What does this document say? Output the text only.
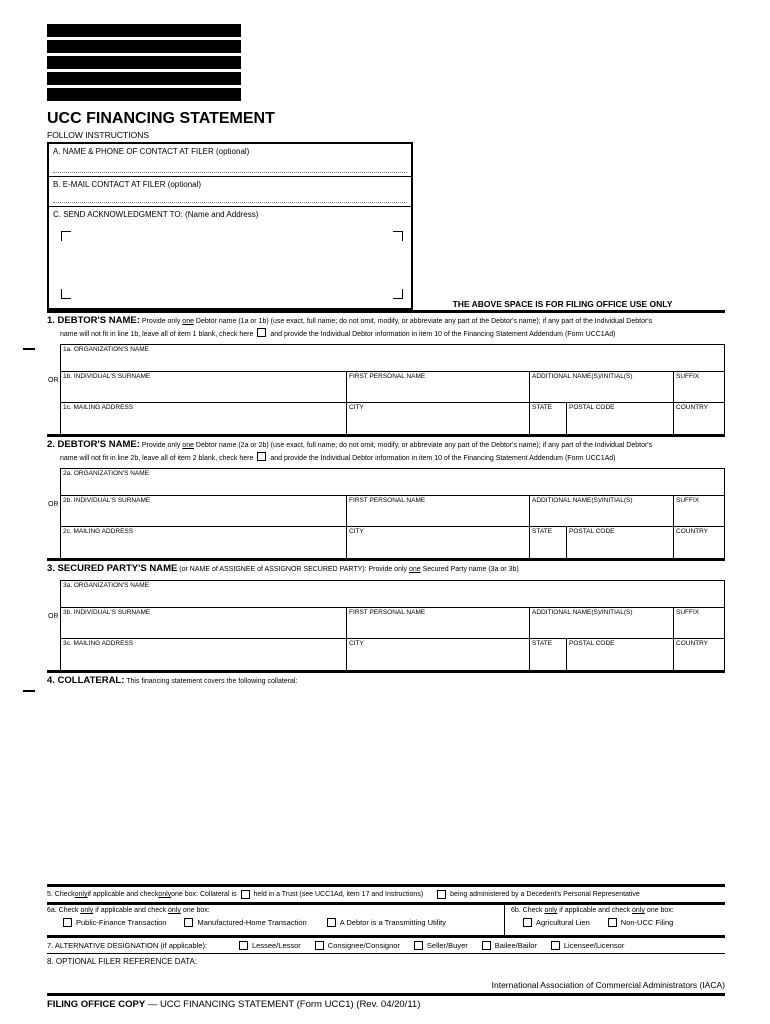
UCC FINANCING STATEMENT
FOLLOW INSTRUCTIONS
A. NAME & PHONE OF CONTACT AT FILER (optional)
B. E-MAIL CONTACT AT FILER (optional)
C. SEND ACKNOWLEDGMENT TO: (Name and Address)
THE ABOVE SPACE IS FOR FILING OFFICE USE ONLY
1. DEBTOR'S NAME: Provide only one Debtor name (1a or 1b) (use exact, full name; do not omit, modify, or abbreviate any part of the Debtor's name); if any part of the Individual Debtor's
name will not fit in line 1b, leave all of item 1 blank, check here and provide the Individual Debtor information in item 10 of the Financing Statement Addendum (Form UCC1Ad)
OR
1a. ORGANIZATION'S NAME
1b. INDIVIDUAL'S SURNAME	FIRST PERSONAL NAME	ADDITIONAL NAME(S)/INITIAL(S)	SUFFIX
1c. MAILING ADDRESS	CITY	STATE	POSTAL CODE	COUNTRY
2. DEBTOR'S NAME: Provide only one Debtor name (2a or 2b) (use exact, full name; do not omit, modify, or abbreviate any part of the Debtor's name); if any part of the Individual Debtor's
name will not fit in line 2b, leave all of item 2 blank, check here and provide the Individual Debtor information in item 10 of the Financing Statement Addendum (Form UCC1Ad)
OR
2a. ORGANIZATION'S NAME
2b. INDIVIDUAL'S SURNAME	FIRST PERSONAL NAME	ADDITIONAL NAME(S)/INITIAL(S)	SUFFIX
2c. MAILING ADDRESS	CITY	STATE	POSTAL CODE	COUNTRY
3. SECURED PARTY'S NAME (or NAME of ASSIGNEE of ASSIGNOR SECURED PARTY): Provide only one Secured Party name (3a or 3b)
OR
3a. ORGANIZATION'S NAME
3b. INDIVIDUAL'S SURNAME	FIRST PERSONAL NAME	ADDITIONAL NAME(S)/INITIAL(S)	SUFFIX
3c. MAILING ADDRESS	CITY	STATE	POSTAL CODE	COUNTRY
4. COLLATERAL: This financing statement covers the following collateral:
5. Check only if applicable and check only one box: Collateral is held in a Trust (see UCC1Ad, item 17 and Instructions)	being administered by a Decedent's Personal Representative
6a. Check only if applicable and check only one box:
Public-Finance Transaction	Manufactured-Home Transaction	A Debtor is a Transmitting Utility
6b. Check only if applicable and check only one box:
Agricultural Lien	Non-UCC Filing
7. ALTERNATIVE DESIGNATION (if applicable):	Lessee/Lessor	Consignee/Consignor	Seller/Buyer	Bailee/Bailor	Licensee/Licensor
8. OPTIONAL FILER REFERENCE DATA:
International Association of Commercial Administrators (IACA)
FILING OFFICE COPY — UCC FINANCING STATEMENT (Form UCC1) (Rev. 04/20/11)
